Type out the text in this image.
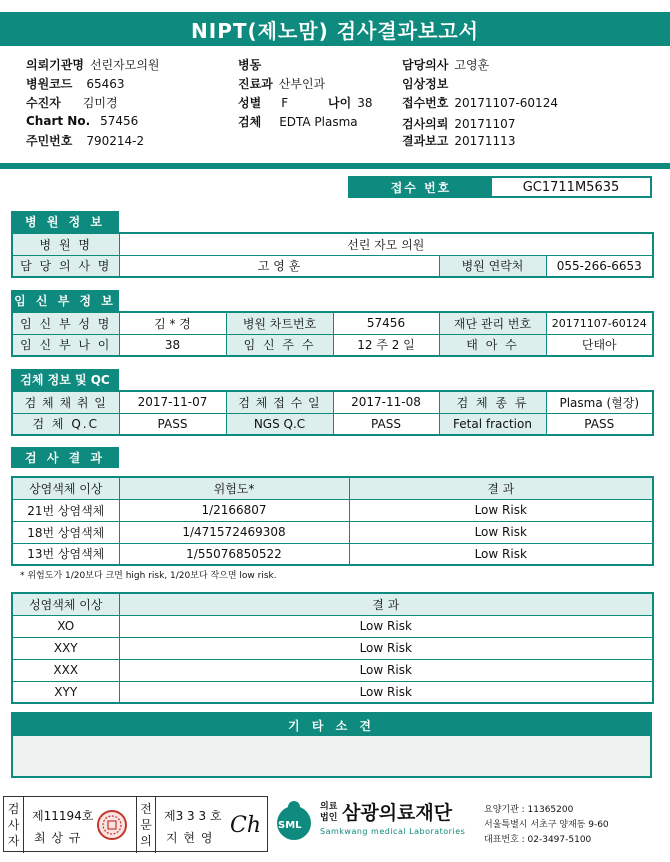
NIPT(제노맘) 검사결과보고서
의뢰기관명 선린자모의원
병원코드 65463
수진자 김미경
Chart No. 57456
주민번호 790214-2
병동
진료과 산부인과
성별 F	나이 38
검체 EDTA Plasma
담당의사 고영훈
임상정보
접수번호 20171107-60124
검사의뢰 20171107
결과보고 20171113
접수 번호	GC1711M5635
병 원 정 보
병 원 명	선린 자모 의원		
담 당 의 사 명	고 영 훈	병원 연락처	055-266-6653
임 신 부 정 보
임 신 부 성 명	김 * 경	병원 차트번호	57456	재단 관리 번호	20171107-60124
임 신 부 나 이	38	임 신 주 수	12 주 2 일	태 아 수	단태아
검체 정보 및 QC
검 체 채 취 일	2017-11-07	검 체 접 수 일	2017-11-08	검 체 종 류	Plasma (혈장)
검 체 Q.C	PASS	NGS Q.C	PASS	Fetal fraction	PASS
검 사 결 과
상염색체 이상	위험도*	결 과
21번 상염색체	1/2166807	Low Risk
18번 상염색체	1/471572469308	Low Risk
13번 상염색체	1/55076850522	Low Risk
* 위험도가 1/20보다 크면 high risk, 1/20보다 작으면 low risk.
성염색체 이상	결 과
XO	Low Risk
XXY	Low Risk
XXX	Low Risk
XYY	Low Risk
기 타 소 견
검
사
자
제11194호
최 상 규
전
문
의
제3 3 3 호
지 현 영 Ch SML
의료
법인 삼광의료재단
Samkwang medical Laboratories
요양기관 : 11365200
서울특별시 서초구 양재동 9-60
대표번호 : 02-3497-5100
